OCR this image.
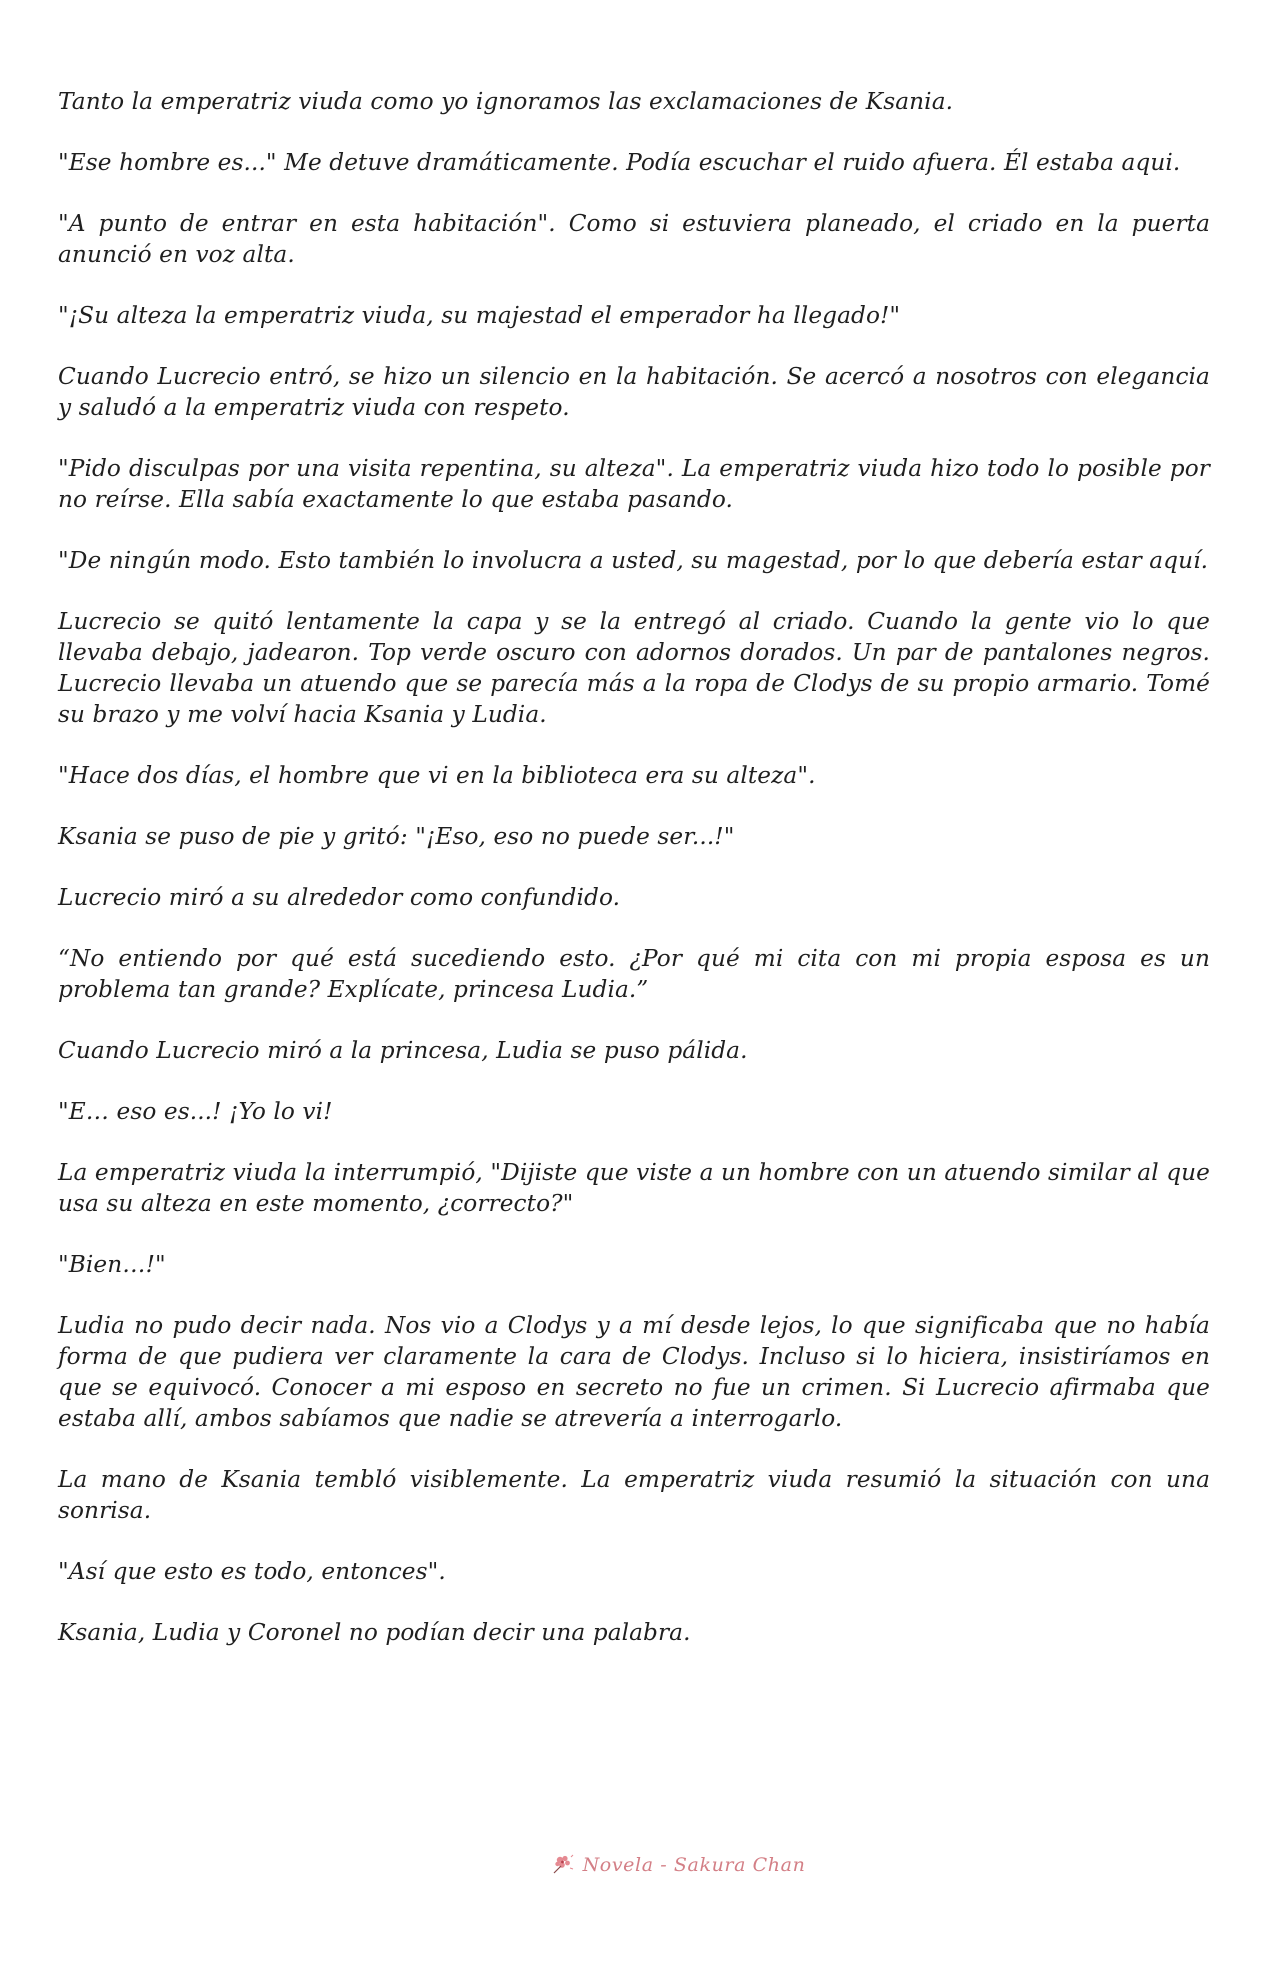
Tanto la emperatriz viuda como yo ignoramos las exclamaciones de Ksania.

"Ese hombre es..." Me detuve dramáticamente. Podía escuchar el ruido afuera. Él estaba aqui.

"A punto de entrar en esta habitación". Como si estuviera planeado, el criado en la puerta anunció en voz alta.

"¡Su alteza la emperatriz viuda, su majestad el emperador ha llegado!"

Cuando Lucrecio entró, se hizo un silencio en la habitación. Se acercó a nosotros con elegancia y saludó a la emperatriz viuda con respeto.

"Pido disculpas por una visita repentina, su alteza". La emperatriz viuda hizo todo lo posible por no reírse. Ella sabía exactamente lo que estaba pasando.

"De ningún modo. Esto también lo involucra a usted, su magestad, por lo que debería estar aquí.

Lucrecio se quitó lentamente la capa y se la entregó al criado. Cuando la gente vio lo que llevaba debajo, jadearon. Top verde oscuro con adornos dorados. Un par de pantalones negros. Lucrecio llevaba un atuendo que se parecía más a la ropa de Clodys de su propio armario. Tomé su brazo y me volví hacia Ksania y Ludia.

"Hace dos días, el hombre que vi en la biblioteca era su alteza".

Ksania se puso de pie y gritó: "¡Eso, eso no puede ser...!"

Lucrecio miró a su alrededor como confundido.

“No entiendo por qué está sucediendo esto. ¿Por qué mi cita con mi propia esposa es un problema tan grande? Explícate, princesa Ludia.”

Cuando Lucrecio miró a la princesa, Ludia se puso pálida.

"E… eso es...! ¡Yo lo vi!

La emperatriz viuda la interrumpió, "Dijiste que viste a un hombre con un atuendo similar al que usa su alteza en este momento, ¿correcto?"

"Bien…!"

Ludia no pudo decir nada. Nos vio a Clodys y a mí desde lejos, lo que significaba que no había forma de que pudiera ver claramente la cara de Clodys. Incluso si lo hiciera, insistiríamos en que se equivocó. Conocer a mi esposo en secreto no fue un crimen. Si Lucrecio afirmaba que estaba allí, ambos sabíamos que nadie se atrevería a interrogarlo.

La mano de Ksania tembló visiblemente. La emperatriz viuda resumió la situación con una sonrisa.

"Así que esto es todo, entonces".

Ksania, Ludia y Coronel no podían decir una palabra.

Novela - Sakura Chan
